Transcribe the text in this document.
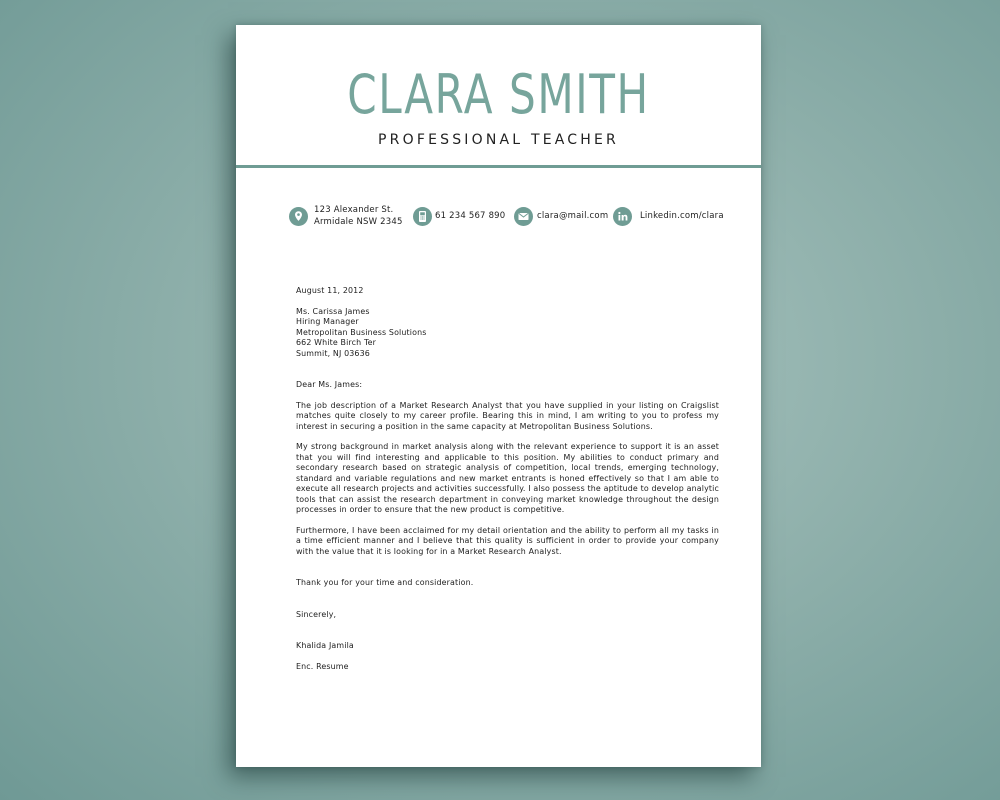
CLARA SMITH
PROFESSIONAL TEACHER
123 Alexander St.
Armidale NSW 2345
61 234 567 890	clara@mail.com	Linkedin.com/clara

August 11, 2012

Ms. Carissa James
Hiring Manager
Metropolitan Business Solutions
662 White Birch Ter
Summit, NJ 03636

Dear Ms. James:

The job description of a Market Research Analyst that you have supplied in your listing on Craigslist matches quite closely to my career profile. Bearing this in mind, I am writing to you to profess my interest in securing a position in the same capacity at Metropolitan Business Solutions.

My strong background in market analysis along with the relevant experience to support it is an asset that you will find interesting and applicable to this position. My abilities to conduct primary and secondary research based on strategic analysis of competition, local trends, emerging technology, standard and variable regulations and new market entrants is honed effectively so that I am able to execute all research projects and activities successfully. I also possess the aptitude to develop analytic tools that can assist the research department in conveying market knowledge throughout the design processes in order to ensure that the new product is competitive.

Furthermore, I have been acclaimed for my detail orientation and the ability to perform all my tasks in a time efficient manner and I believe that this quality is sufficient in order to provide your company with the value that it is looking for in a Market Research Analyst.

Thank you for your time and consideration.

Sincerely,

Khalida Jamila

Enc. Resume
